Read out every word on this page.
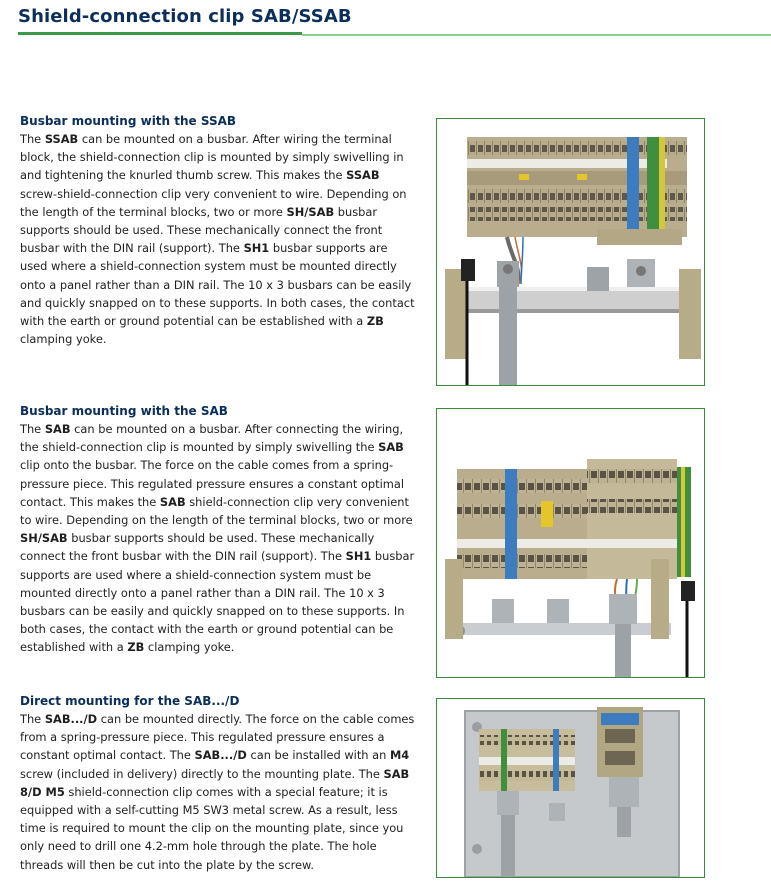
Shield-connection clip SAB/SSAB
Busbar mounting with the SSAB

The SSAB can be mounted on a busbar. After wiring the terminal block, the shield-connection clip is mounted by simply swivelling in and tightening the knurled thumb screw. This makes the SSAB screw-shield-connection clip very convenient to wire. Depending on the length of the terminal blocks, two or more SH/SAB busbar supports should be used. These mechanically connect the front busbar with the DIN rail (support). The SH1 busbar supports are used where a shield-connection system must be mounted directly onto a panel rather than a DIN rail. The 10 x 3 busbars can be easily and quickly snapped on to these supports. In both cases, the contact with the earth or ground potential can be established with a ZB clamping yoke.

Busbar mounting with the SAB

The SAB can be mounted on a busbar. After connecting the wiring, the shield-connection clip is mounted by simply swivelling the SAB clip onto the busbar. The force on the cable comes from a spring-pressure piece. This regulated pressure ensures a constant optimal contact. This makes the SAB shield-connection clip very convenient to wire. Depending on the length of the terminal blocks, two or more SH/SAB busbar supports should be used. These mechanically connect the front busbar with the DIN rail (support). The SH1 busbar supports are used where a shield-connection system must be mounted directly onto a panel rather than a DIN rail. The 10 x 3 busbars can be easily and quickly snapped on to these supports. In both cases, the contact with the earth or ground potential can be established with a ZB clamping yoke.

Direct mounting for the SAB.../D

The SAB.../D can be mounted directly. The force on the cable comes from a spring-pressure piece. This regulated pressure ensures a constant optimal contact. The SAB.../D can be installed with an M4 screw (included in delivery) directly to the mounting plate. The SAB 8/D M5 shield-connection clip comes with a special feature; it is equipped with a self-cutting M5 SW3 metal screw. As a result, less time is required to mount the clip on the mounting plate, since you only need to drill one 4.2-mm hole through the plate. The hole threads will then be cut into the plate by the screw.
